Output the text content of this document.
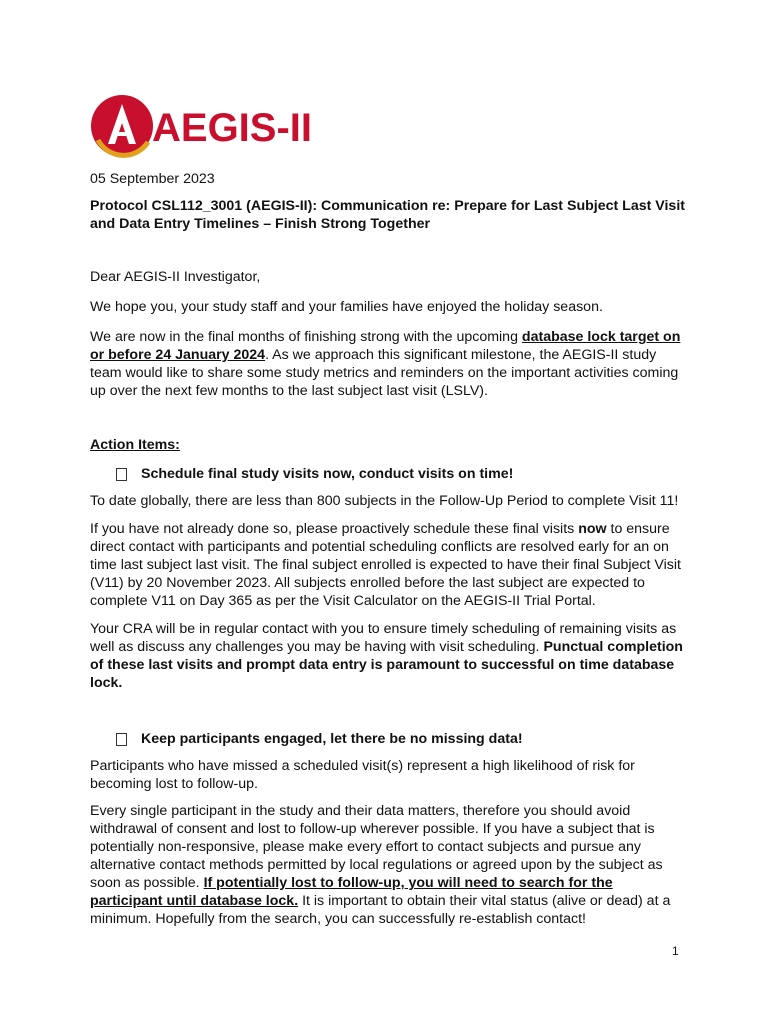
AEGIS-II

05 September 2023

Protocol CSL112_3001 (AEGIS-II): Communication re: Prepare for Last Subject Last Visit

and Data Entry Timelines – Finish Strong Together

Dear AEGIS-II Investigator,

We hope you, your study staff and your families have enjoyed the holiday season.

We are now in the final months of finishing strong with the upcoming database lock target on or before 24 January 2024. As we approach this significant milestone, the AEGIS-II study team would like to share some study metrics and reminders on the important activities coming up over the next few months to the last subject last visit (LSLV).

Action Items:

Schedule final study visits now, conduct visits on time!

To date globally, there are less than 800 subjects in the Follow-Up Period to complete Visit 11!

If you have not already done so, please proactively schedule these final visits now to ensure direct contact with participants and potential scheduling conflicts are resolved early for an on time last subject last visit. The final subject enrolled is expected to have their final Subject Visit (V11) by 20 November 2023. All subjects enrolled before the last subject are expected to complete V11 on Day 365 as per the Visit Calculator on the AEGIS-II Trial Portal.

Your CRA will be in regular contact with you to ensure timely scheduling of remaining visits as well as discuss any challenges you may be having with visit scheduling. Punctual completion of these last visits and prompt data entry is paramount to successful on time database lock.

Keep participants engaged, let there be no missing data!

Participants who have missed a scheduled visit(s) represent a high likelihood of risk for becoming lost to follow-up.

Every single participant in the study and their data matters, therefore you should avoid withdrawal of consent and lost to follow-up wherever possible. If you have a subject that is potentially non-responsive, please make every effort to contact subjects and pursue any alternative contact methods permitted by local regulations or agreed upon by the subject as soon as possible. If potentially lost to follow-up, you will need to search for the participant until database lock. It is important to obtain their vital status (alive or dead) at a minimum. Hopefully from the search, you can successfully re-establish contact!

1
